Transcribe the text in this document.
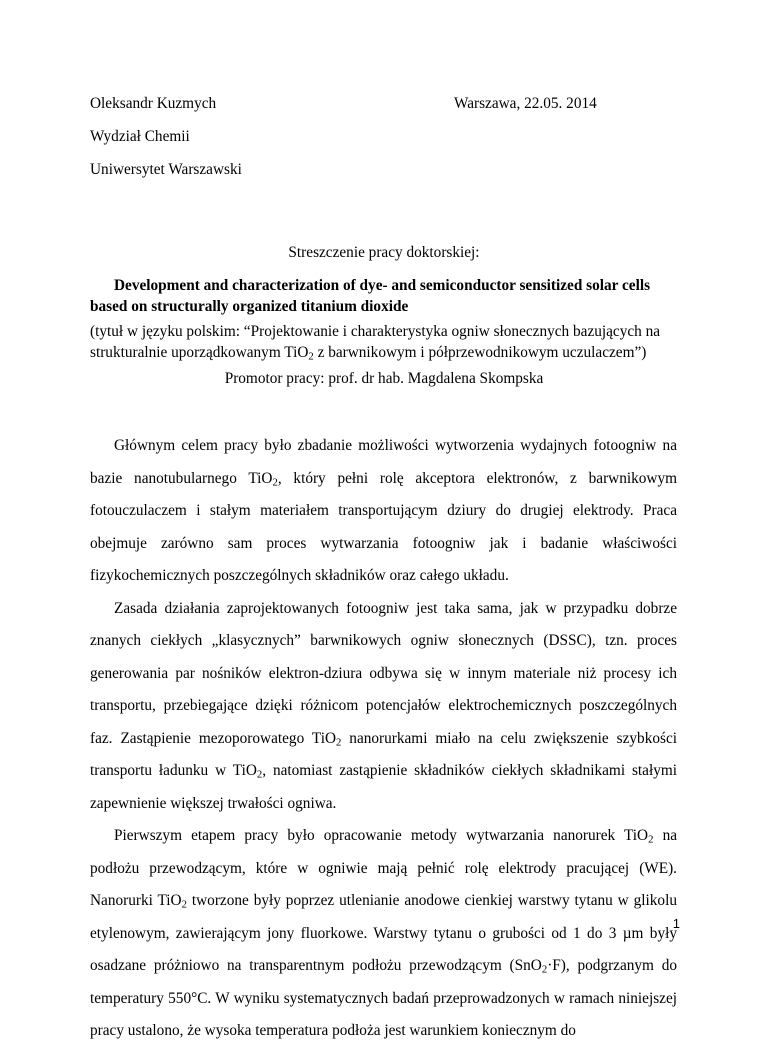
Oleksandr Kuzmych	Warszawa, 22.05. 2014
Wydział Chemii
Uniwersytet Warszawski
Streszczenie pracy doktorskiej:
Development and characterization of dye- and semiconductor sensitized solar cells
based on structurally organized titanium dioxide
(tytuł w języku polskim: “Projektowanie i charakterystyka ogniw słonecznych bazujących na
strukturalnie uporządkowanym TiO$_2$ z barwnikowym i półprzewodnikowym uczulaczem”)
Promotor pracy: prof. dr hab. Magdalena Skompska

Głównym celem pracy było zbadanie możliwości wytworzenia wydajnych fotoogniw na bazie nanotubularnego TiO$_2$, który pełni rolę akceptora elektronów, z barwnikowym fotouczulaczem i stałym materiałem transportującym dziury do drugiej elektrody. Praca obejmuje zarówno sam proces wytwarzania fotoogniw jak i badanie właściwości fizykochemicznych poszczególnych składników oraz całego układu.

Zasada działania zaprojektowanych fotoogniw jest taka sama, jak w przypadku dobrze znanych ciekłych „klasycznych” barwnikowych ogniw słonecznych (DSSC), tzn. proces generowania par nośników elektron-dziura odbywa się w innym materiale niż procesy ich transportu, przebiegające dzięki różnicom potencjałów elektrochemicznych poszczególnych faz. Zastąpienie mezoporowatego TiO$_2$ nanorurkami miało na celu zwiększenie szybkości transportu ładunku w TiO$_2$, natomiast zastąpienie składników ciekłych składnikami stałymi zapewnienie większej trwałości ogniwa.

Pierwszym etapem pracy było opracowanie metody wytwarzania nanorurek TiO$_2$ na podłożu przewodzącym, które w ogniwie mają pełnić rolę elektrody pracującej (WE). Nanorurki TiO$_2$ tworzone były poprzez utlenianie anodowe cienkiej warstwy tytanu w glikolu etylenowym, zawierającym jony fluorkowe. Warstwy tytanu o grubości od 1 do 3 µm były osadzane próżniowo na transparentnym podłożu przewodzącym (SnO$_2$·F), podgrzanym do temperatury 550°C. W wyniku systematycznych badań przeprowadzonych w ramach niniejszej pracy ustalono, że wysoka temperatura podłoża jest warunkiem koniecznym do

1
